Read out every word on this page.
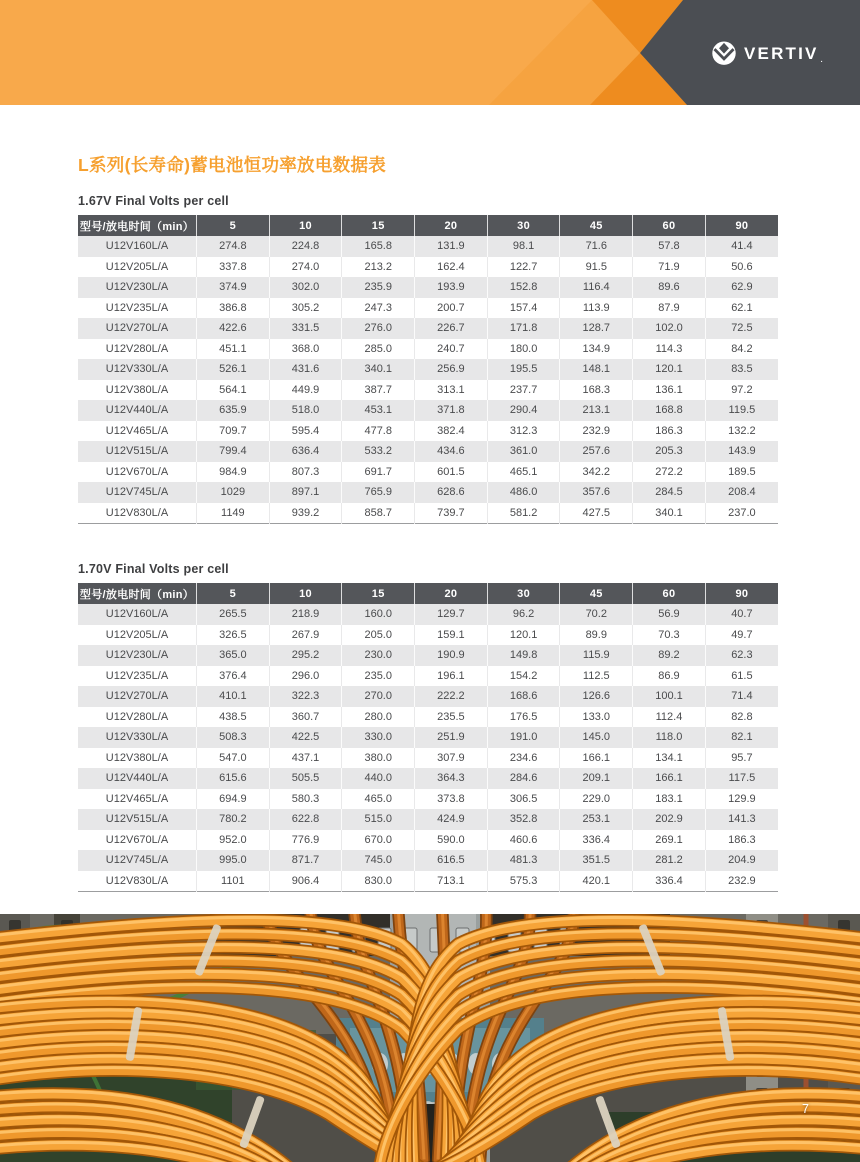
VERTIV .
L系列(长寿命)蓄电池恒功率放电数据表

1.67V Final Volts per cell

型号/放电时间（min）	5	10	15	20	30	45	60	90
U12V160L/A	274.8	224.8	165.8	131.9	98.1	71.6	57.8	41.4
U12V205L/A	337.8	274.0	213.2	162.4	122.7	91.5	71.9	50.6
U12V230L/A	374.9	302.0	235.9	193.9	152.8	116.4	89.6	62.9
U12V235L/A	386.8	305.2	247.3	200.7	157.4	113.9	87.9	62.1
U12V270L/A	422.6	331.5	276.0	226.7	171.8	128.7	102.0	72.5
U12V280L/A	451.1	368.0	285.0	240.7	180.0	134.9	114.3	84.2
U12V330L/A	526.1	431.6	340.1	256.9	195.5	148.1	120.1	83.5
U12V380L/A	564.1	449.9	387.7	313.1	237.7	168.3	136.1	97.2
U12V440L/A	635.9	518.0	453.1	371.8	290.4	213.1	168.8	119.5
U12V465L/A	709.7	595.4	477.8	382.4	312.3	232.9	186.3	132.2
U12V515L/A	799.4	636.4	533.2	434.6	361.0	257.6	205.3	143.9
U12V670L/A	984.9	807.3	691.7	601.5	465.1	342.2	272.2	189.5
U12V745L/A	1029	897.1	765.9	628.6	486.0	357.6	284.5	208.4
U12V830L/A	1149	939.2	858.7	739.7	581.2	427.5	340.1	237.0

1.70V Final Volts per cell

型号/放电时间（min）	5	10	15	20	30	45	60	90
U12V160L/A	265.5	218.9	160.0	129.7	96.2	70.2	56.9	40.7
U12V205L/A	326.5	267.9	205.0	159.1	120.1	89.9	70.3	49.7
U12V230L/A	365.0	295.2	230.0	190.9	149.8	115.9	89.2	62.3
U12V235L/A	376.4	296.0	235.0	196.1	154.2	112.5	86.9	61.5
U12V270L/A	410.1	322.3	270.0	222.2	168.6	126.6	100.1	71.4
U12V280L/A	438.5	360.7	280.0	235.5	176.5	133.0	112.4	82.8
U12V330L/A	508.3	422.5	330.0	251.9	191.0	145.0	118.0	82.1
U12V380L/A	547.0	437.1	380.0	307.9	234.6	166.1	134.1	95.7
U12V440L/A	615.6	505.5	440.0	364.3	284.6	209.1	166.1	117.5
U12V465L/A	694.9	580.3	465.0	373.8	306.5	229.0	183.1	129.9
U12V515L/A	780.2	622.8	515.0	424.9	352.8	253.1	202.9	141.3
U12V670L/A	952.0	776.9	670.0	590.0	460.6	336.4	269.1	186.3
U12V745L/A	995.0	871.7	745.0	616.5	481.3	351.5	281.2	204.9
U12V830L/A	1101	906.4	830.0	713.1	575.3	420.1	336.4	232.9
7
